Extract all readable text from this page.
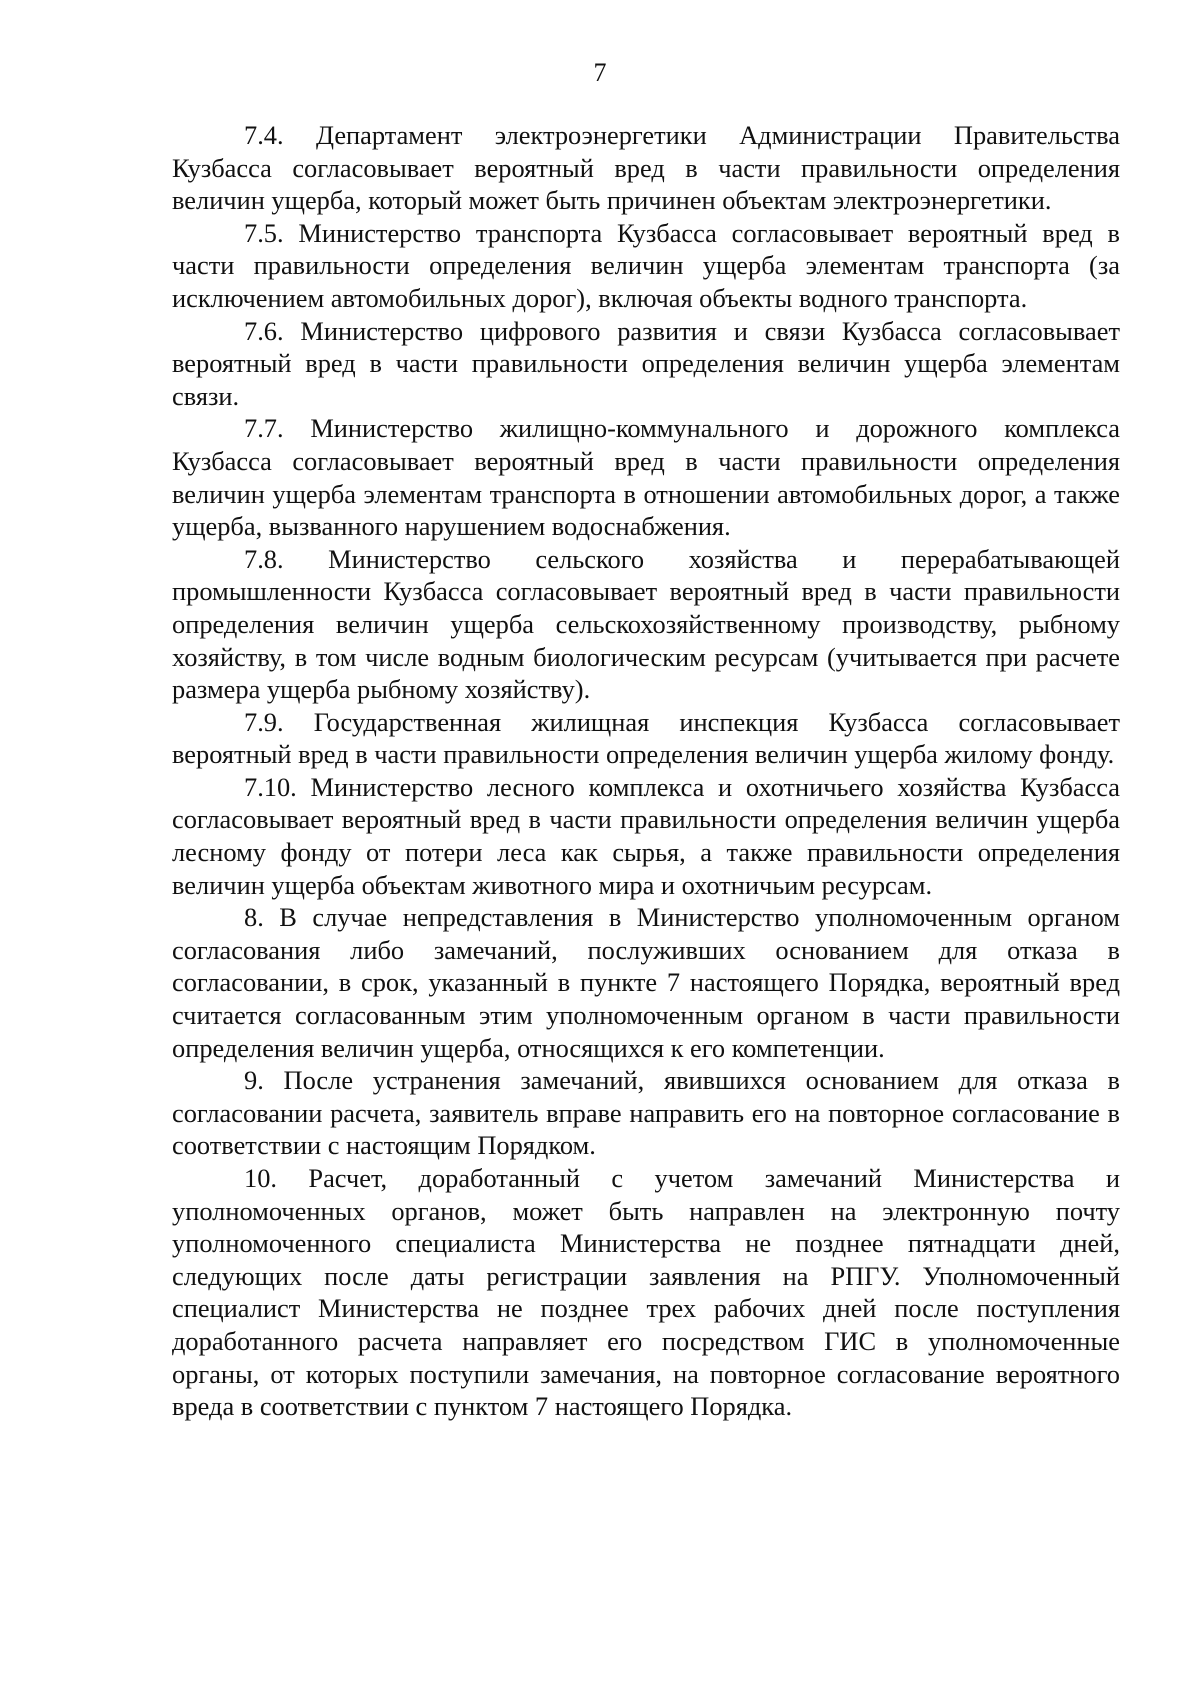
7

7.4. Департамент электроэнергетики Администрации Правительства Кузбасса согласовывает вероятный вред в части правильности определения величин ущерба, который может быть причинен объектам электроэнергетики.

7.5. Министерство транспорта Кузбасса согласовывает вероятный вред в части правильности определения величин ущерба элементам транспорта (за исключением автомобильных дорог), включая объекты водного транспорта.

7.6. Министерство цифрового развития и связи Кузбасса согласовывает вероятный вред в части правильности определения величин ущерба элементам связи.

7.7. Министерство жилищно-коммунального и дорожного комплекса Кузбасса согласовывает вероятный вред в части правильности определения величин ущерба элементам транспорта в отношении автомобильных дорог, а также ущерба, вызванного нарушением водоснабжения.

7.8. Министерство сельского хозяйства и перерабатывающей промышленности Кузбасса согласовывает вероятный вред в части правильности определения величин ущерба сельскохозяйственному производству, рыбному хозяйству, в том числе водным биологическим ресурсам (учитывается при расчете размера ущерба рыбному хозяйству).

7.9. Государственная жилищная инспекция Кузбасса согласовывает вероятный вред в части правильности определения величин ущерба жилому фонду.

7.10. Министерство лесного комплекса и охотничьего хозяйства Кузбасса согласовывает вероятный вред в части правильности определения величин ущерба лесному фонду от потери леса как сырья, а также правильности определения величин ущерба объектам животного мира и охотничьим ресурсам.

8. В случае непредставления в Министерство уполномоченным органом согласования либо замечаний, послуживших основанием для отказа в согласовании, в срок, указанный в пункте 7 настоящего Порядка, вероятный вред считается согласованным этим уполномоченным органом в части правильности определения величин ущерба, относящихся к его компетенции.

9. После устранения замечаний, явившихся основанием для отказа в согласовании расчета, заявитель вправе направить его на повторное согласование в соответствии с настоящим Порядком.

10. Расчет, доработанный с учетом замечаний Министерства и уполномоченных органов, может быть направлен на электронную почту уполномоченного специалиста Министерства не позднее пятнадцати дней, следующих после даты регистрации заявления на РПГУ. Уполномоченный специалист Министерства не позднее трех рабочих дней после поступления доработанного расчета направляет его посредством ГИС в уполномоченные органы, от которых поступили замечания, на повторное согласование вероятного вреда в соответствии с пунктом 7 настоящего Порядка.
